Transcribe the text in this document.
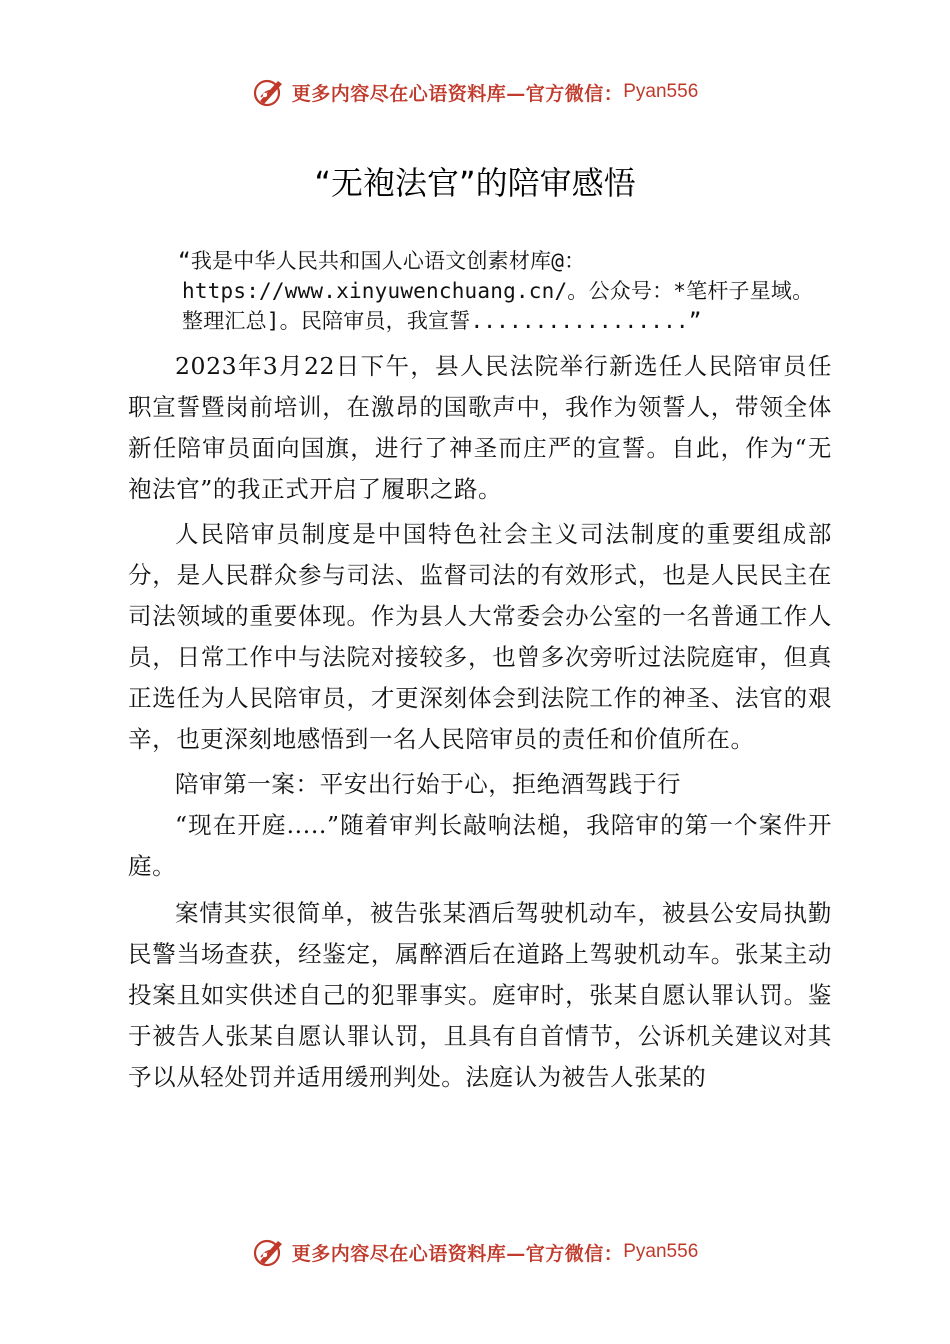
更多内容尽在心语资料库—官方微信： Pyan556
“无袍法官”的陪审感悟

“我是中华人民共和国人心语文创素材库@：https://www.xinyuwenchuang.cn/。公众号：*笔杆子星域。整理汇总]。民陪审员，我宣誓.................”

2023年3月22日下午，县人民法院举行新选任人民陪审员任职宣誓暨岗前培训，在激昂的国歌声中，我作为领誓人，带领全体新任陪审员面向国旗，进行了神圣而庄严的宣誓。自此，作为“无袍法官”的我正式开启了履职之路。

人民陪审员制度是中国特色社会主义司法制度的重要组成部分，是人民群众参与司法、监督司法的有效形式，也是人民民主在司法领域的重要体现。作为县人大常委会办公室的一名普通工作人员，日常工作中与法院对接较多，也曾多次旁听过法院庭审，但真正选任为人民陪审员，才更深刻体会到法院工作的神圣、法官的艰辛，也更深刻地感悟到一名人民陪审员的责任和价值所在。

陪审第一案：平安出行始于心，拒绝酒驾践于行

“现在开庭.....”随着审判长敲响法槌，我陪审的第一个案件开庭。

案情其实很简单，被告张某酒后驾驶机动车，被县公安局执勤民警当场查获，经鉴定，属醉酒后在道路上驾驶机动车。张某主动投案且如实供述自己的犯罪事实。庭审时，张某自愿认罪认罚。鉴于被告人张某自愿认罪认罚，且具有自首情节，公诉机关建议对其予以从轻处罚并适用缓刑判处。法庭认为被告人张某的

更多内容尽在心语资料库—官方微信： Pyan556
